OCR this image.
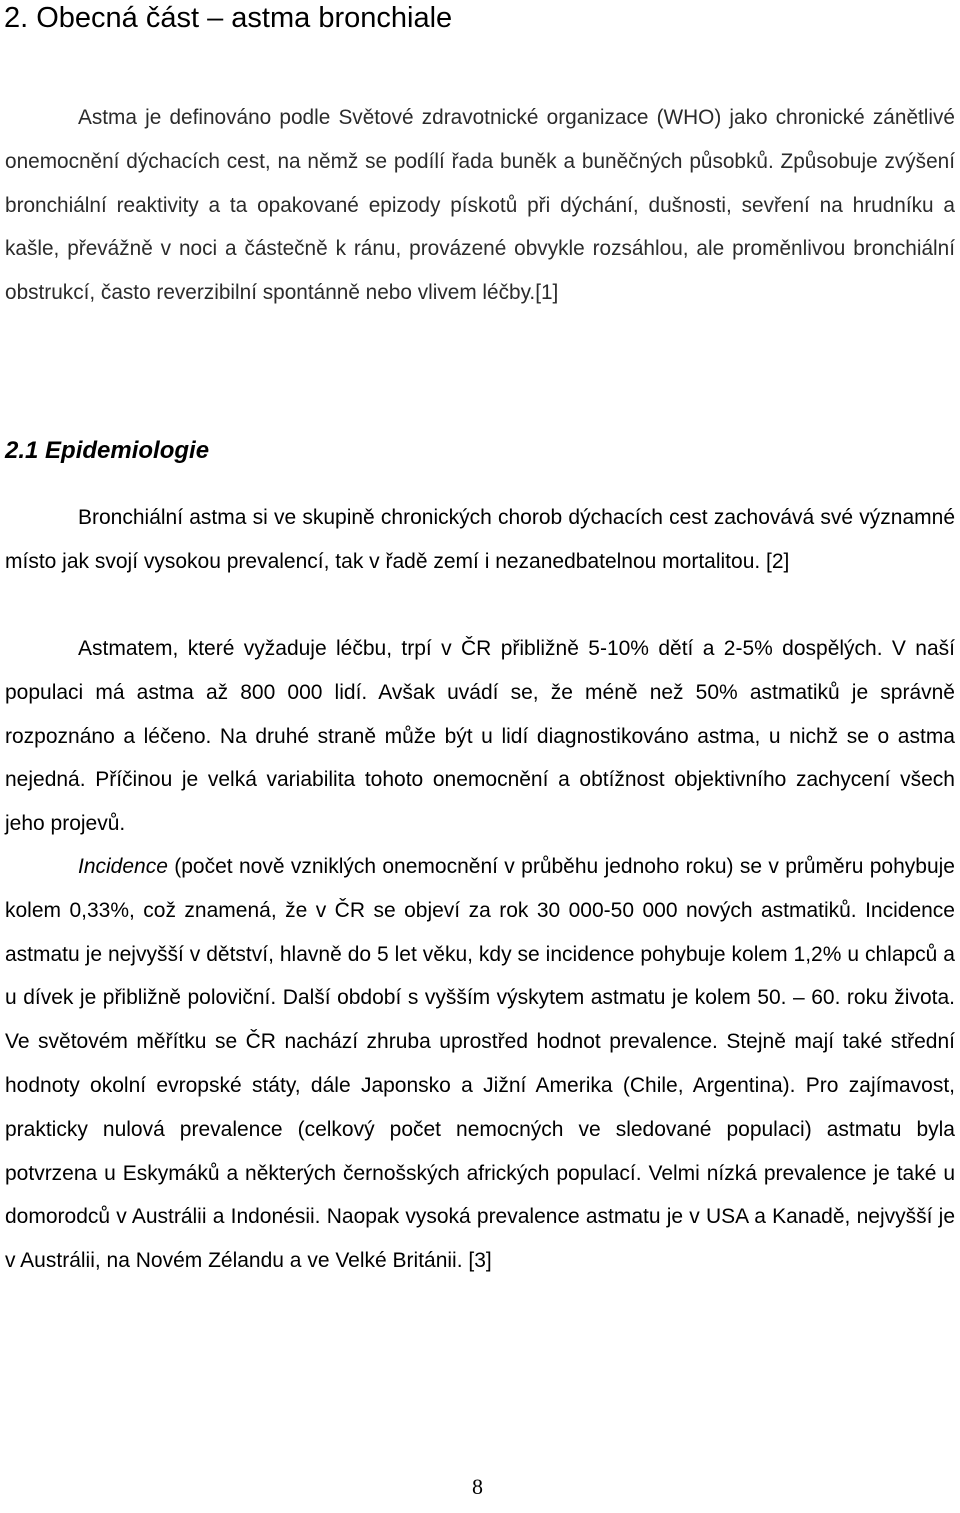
2. Obecná část – astma bronchiale

Astma je definováno podle Světové zdravotnické organizace (WHO) jako chronické zánětlivé onemocnění dýchacích cest, na němž se podílí řada buněk a buněčných působků. Způsobuje zvýšení bronchiální reaktivity a ta opakované epizody pískotů při dýchání, dušnosti, sevření na hrudníku a kašle, převážně v noci a částečně k ránu, provázené obvykle rozsáhlou, ale proměnlivou bronchiální obstrukcí, často reverzibilní spontánně nebo vlivem léčby.[1]

2.1 Epidemiologie

Bronchiální astma si ve skupině chronických chorob dýchacích cest zachovává své významné místo jak svojí vysokou prevalencí, tak v řadě zemí i nezanedbatelnou mortalitou. [2]

Astmatem, které vyžaduje léčbu, trpí v ČR přibližně 5-10% dětí a 2-5% dospělých. V naší populaci má astma až 800 000 lidí. Avšak uvádí se, že méně než 50% astmatiků je správně rozpoznáno a léčeno. Na druhé straně může být u lidí diagnostikováno astma, u nichž se o astma nejedná. Příčinou je velká variabilita tohoto onemocnění a obtížnost objektivního zachycení všech jeho projevů.

Incidence (počet nově vzniklých onemocnění v průběhu jednoho roku) se v průměru pohybuje kolem 0,33%, což znamená, že v ČR se objeví za rok 30 000-50 000 nových astmatiků. Incidence astmatu je nejvyšší v dětství, hlavně do 5 let věku, kdy se incidence pohybuje kolem 1,2% u chlapců a u dívek je přibližně poloviční. Další období s vyšším výskytem astmatu je kolem 50. – 60. roku života. Ve světovém měřítku se ČR nachází zhruba uprostřed hodnot prevalence. Stejně mají také střední hodnoty okolní evropské státy, dále Japonsko a Jižní Amerika (Chile, Argentina). Pro zajímavost, prakticky nulová prevalence (celkový počet nemocných ve sledované populaci) astmatu byla potvrzena u Eskymáků a některých černošských afrických populací. Velmi nízká prevalence je také u domorodců v Austrálii a Indonésii. Naopak vysoká prevalence astmatu je v USA a Kanadě, nejvyšší je v Austrálii, na Novém Zélandu a ve Velké Británii. [3]

8
